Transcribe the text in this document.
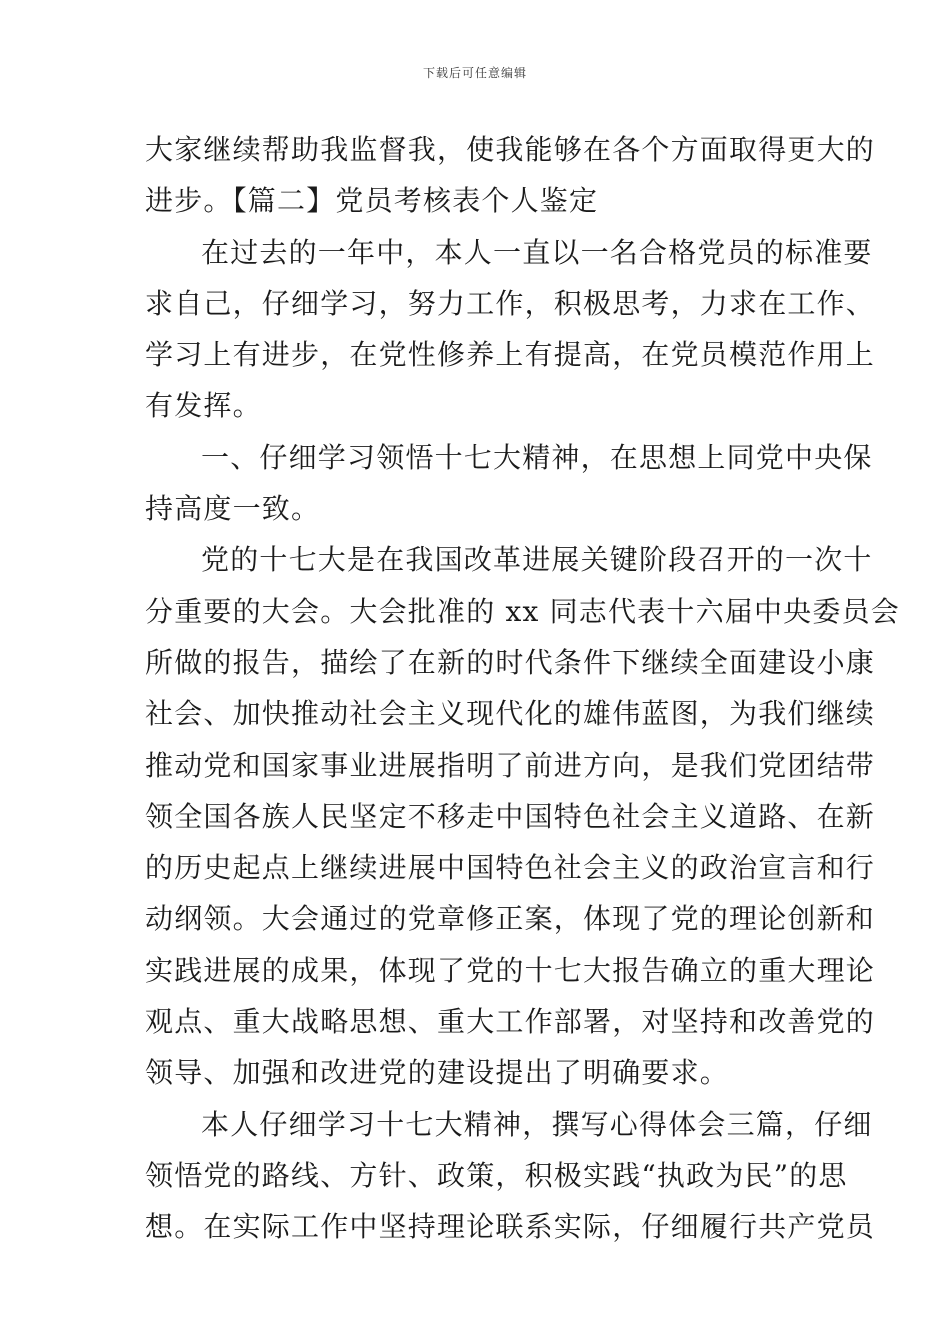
下载后可任意编辑
大家继续帮助我监督我，使我能够在各个方面取得更大的
进步。【篇二】党员考核表个人鉴定
在过去的一年中，本人一直以一名合格党员的标准要
求自己，仔细学习，努力工作，积极思考，力求在工作、
学习上有进步，在党性修养上有提高，在党员模范作用上
有发挥。
一、仔细学习领悟十七大精神，在思想上同党中央保
持高度一致。
党的十七大是在我国改革进展关键阶段召开的一次十
分重要的大会。大会批准的 xx 同志代表十六届中央委员会
所做的报告，描绘了在新的时代条件下继续全面建设小康
社会、加快推动社会主义现代化的雄伟蓝图，为我们继续
推动党和国家事业进展指明了前进方向，是我们党团结带
领全国各族人民坚定不移走中国特色社会主义道路、在新
的历史起点上继续进展中国特色社会主义的政治宣言和行
动纲领。大会通过的党章修正案，体现了党的理论创新和
实践进展的成果，体现了党的十七大报告确立的重大理论
观点、重大战略思想、重大工作部署，对坚持和改善党的
领导、加强和改进党的建设提出了明确要求。
本人仔细学习十七大精神，撰写心得体会三篇，仔细
领悟党的路线、方针、政策，积极实践“执政为民”的思
想。在实际工作中坚持理论联系实际，仔细履行共产党员
